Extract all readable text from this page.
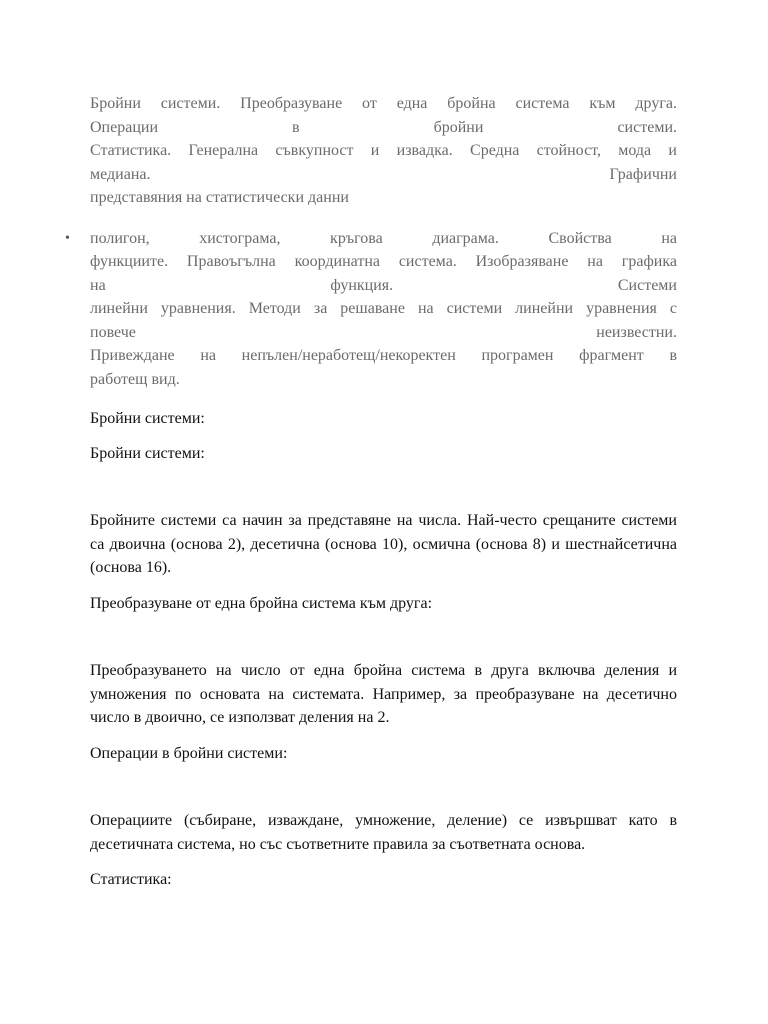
Бройни системи. Преобразуване от една бройна система към друга.
Операции в бройни системи.
Статистика. Генерална съвкупност и извадка. Средна стойност, мода и
медиана. Графични
представяния на статистически данни
• полигон, хистограма, кръгова диаграма. Свойства на
функциите. Правоъгълна координатна система. Изобразяване на графика
на функция. Системи
линейни уравнения. Методи за решаване на системи линейни уравнения с
повече неизвестни.
Привеждане на непълен/неработещ/некоректен програмен фрагмент в
работещ вид.

Бройни системи:

Бройни системи:

Бройните системи са начин за представяне на числа. Най-често срещаните системи са двоична (основа 2), десетична (основа 10), осмична (основа 8) и шестнайсетична (основа 16).

Преобразуване от една бройна система към друга:

Преобразуването на число от една бройна система в друга включва деления и умножения по основата на системата. Например, за преобразуване на десетично число в двоично, се използват деления на 2.

Операции в бройни системи:

Операциите (събиране, изваждане, умножение, деление) се извършват като в десетичната система, но със съответните правила за съответната основа.

Статистика:
